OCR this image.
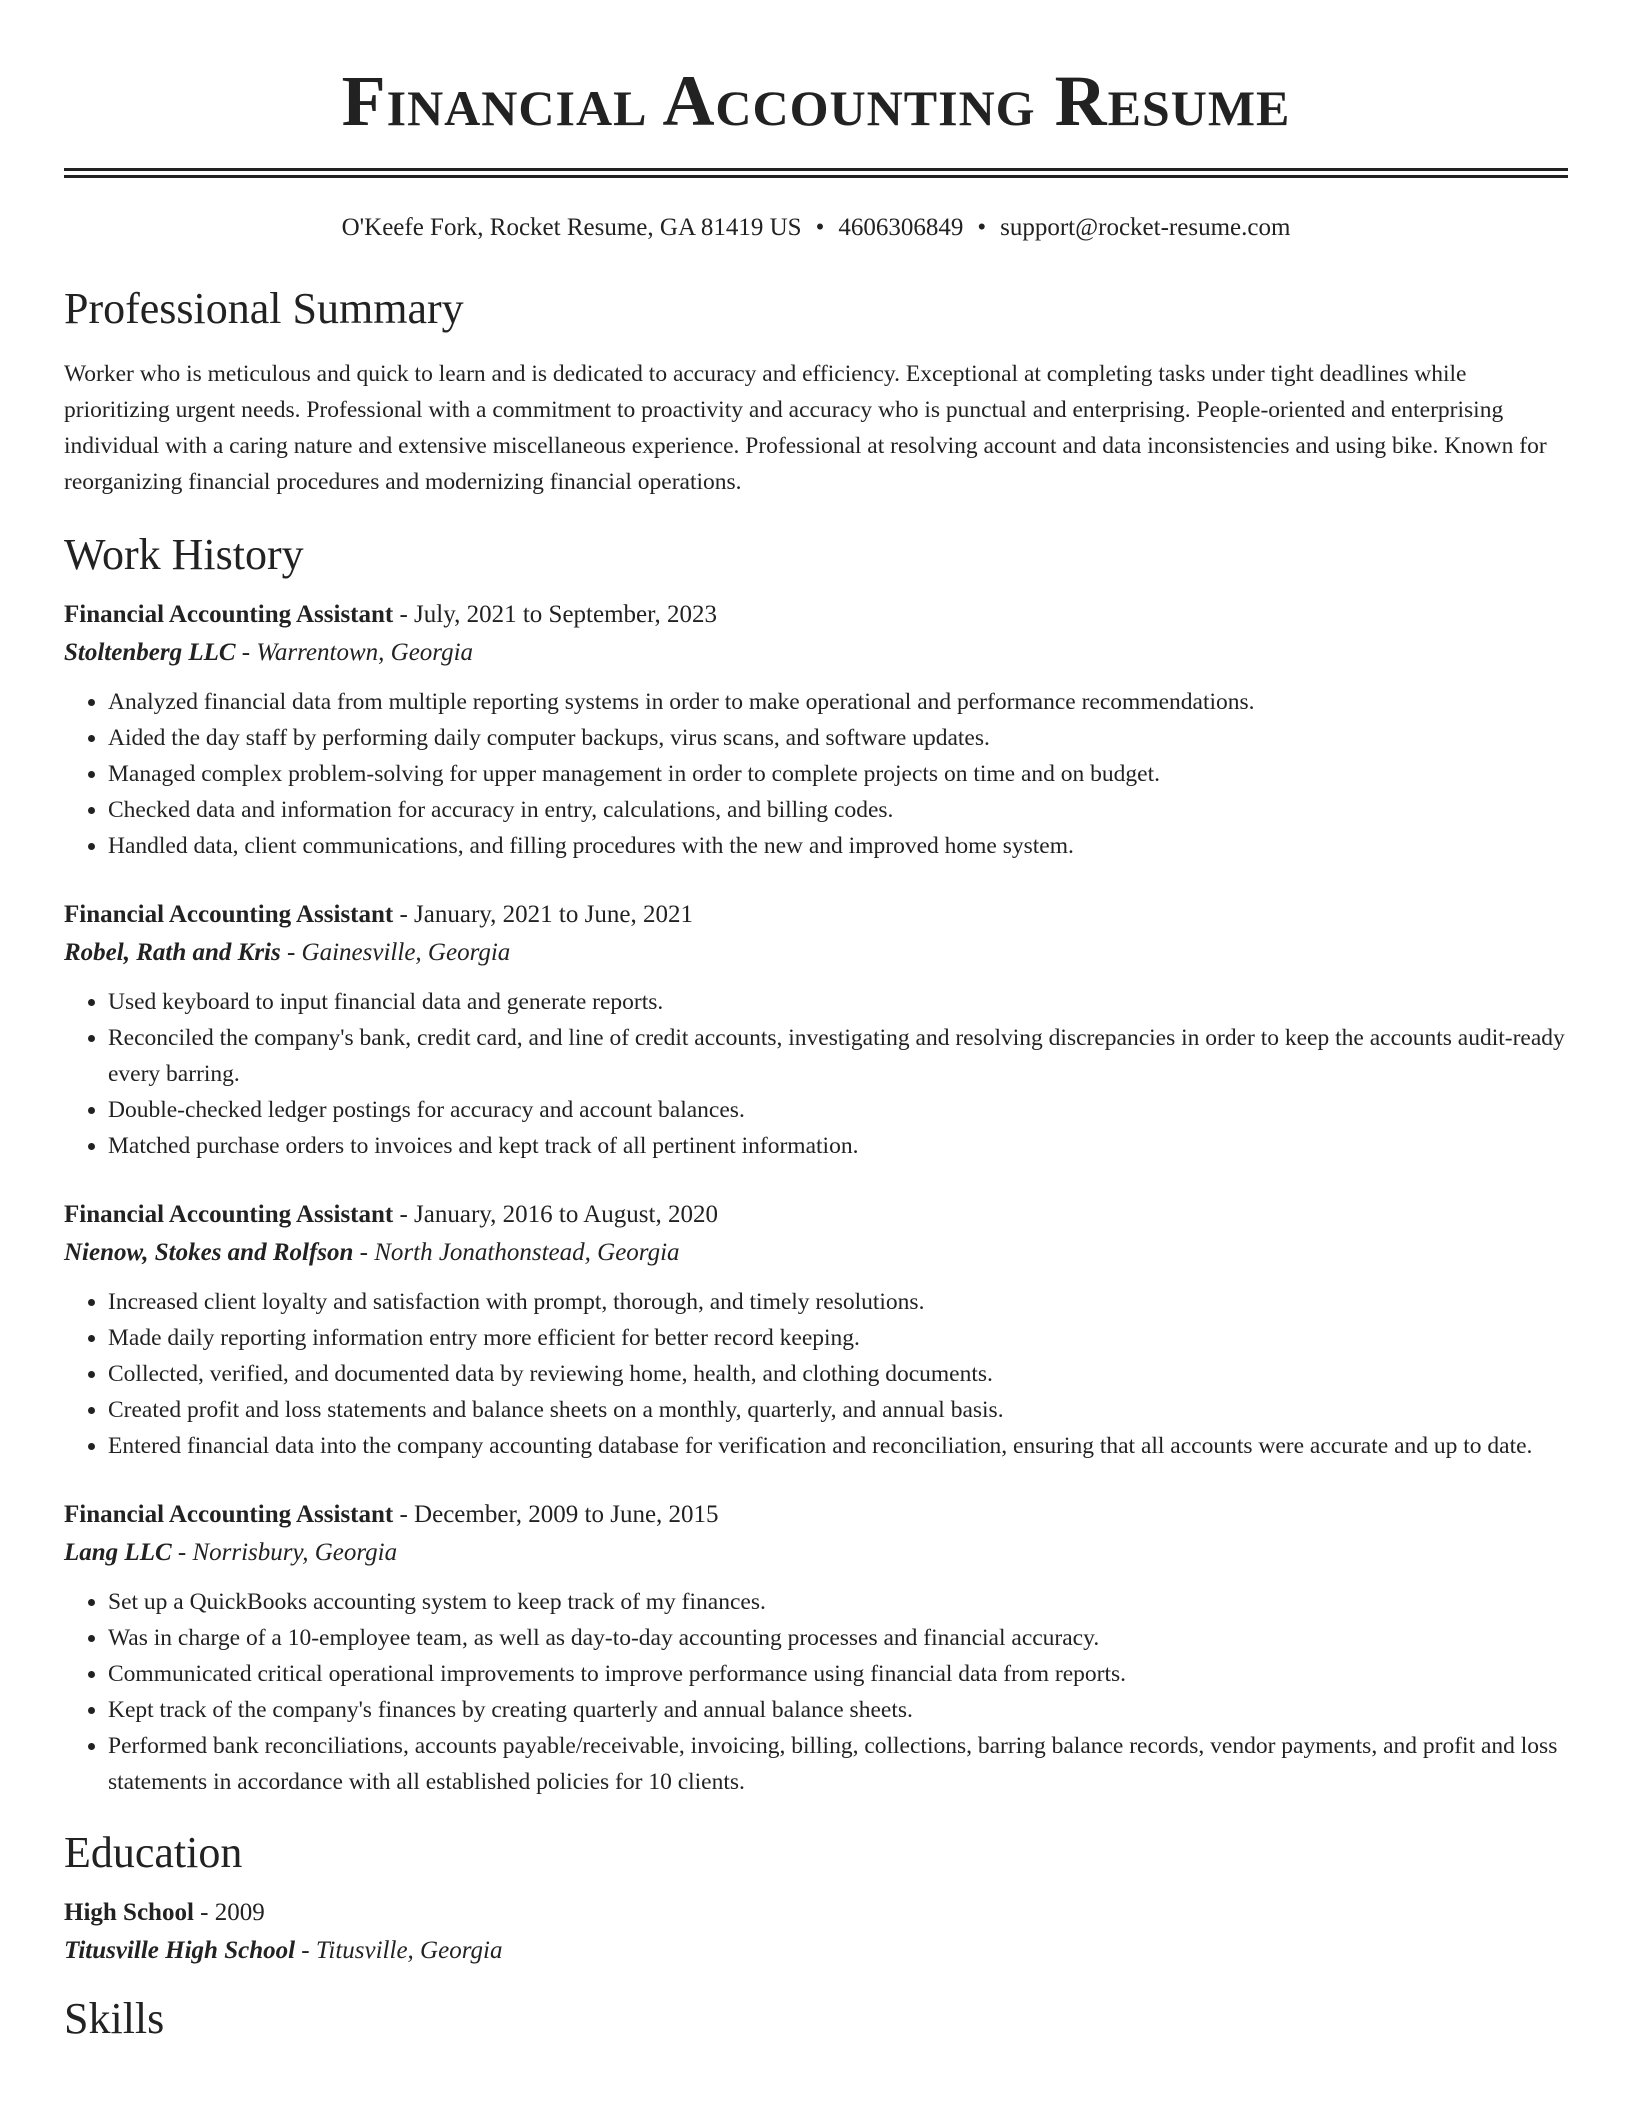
Financial Accounting Resume
O'Keefe Fork, Rocket Resume, GA 81419 US • 4606306849 • support@rocket-resume.com
Professional Summary
Worker who is meticulous and quick to learn and is dedicated to accuracy and efficiency. Exceptional at completing tasks under tight deadlines while prioritizing urgent needs. Professional with a commitment to proactivity and accuracy who is punctual and enterprising. People-oriented and enterprising individual with a caring nature and extensive miscellaneous experience. Professional at resolving account and data inconsistencies and using bike. Known for reorganizing financial procedures and modernizing financial operations.
Work History
Financial Accounting Assistant - July, 2021 to September, 2023
Stoltenberg LLC - Warrentown, Georgia
• Analyzed financial data from multiple reporting systems in order to make operational and performance recommendations.
• Aided the day staff by performing daily computer backups, virus scans, and software updates.
• Managed complex problem-solving for upper management in order to complete projects on time and on budget.
• Checked data and information for accuracy in entry, calculations, and billing codes.
• Handled data, client communications, and filling procedures with the new and improved home system.
Financial Accounting Assistant - January, 2021 to June, 2021
Robel, Rath and Kris - Gainesville, Georgia
• Used keyboard to input financial data and generate reports.
• Reconciled the company's bank, credit card, and line of credit accounts, investigating and resolving discrepancies in order to keep the accounts audit-ready every barring.
• Double-checked ledger postings for accuracy and account balances.
• Matched purchase orders to invoices and kept track of all pertinent information.
Financial Accounting Assistant - January, 2016 to August, 2020
Nienow, Stokes and Rolfson - North Jonathonstead, Georgia
• Increased client loyalty and satisfaction with prompt, thorough, and timely resolutions.
• Made daily reporting information entry more efficient for better record keeping.
• Collected, verified, and documented data by reviewing home, health, and clothing documents.
• Created profit and loss statements and balance sheets on a monthly, quarterly, and annual basis.
• Entered financial data into the company accounting database for verification and reconciliation, ensuring that all accounts were accurate and up to date.
Financial Accounting Assistant - December, 2009 to June, 2015
Lang LLC - Norrisbury, Georgia
• Set up a QuickBooks accounting system to keep track of my finances.
• Was in charge of a 10-employee team, as well as day-to-day accounting processes and financial accuracy.
• Communicated critical operational improvements to improve performance using financial data from reports.
• Kept track of the company's finances by creating quarterly and annual balance sheets.
• Performed bank reconciliations, accounts payable/receivable, invoicing, billing, collections, barring balance records, vendor payments, and profit and loss statements in accordance with all established policies for 10 clients.
Education
High School - 2009
Titusville High School - Titusville, Georgia
Skills
